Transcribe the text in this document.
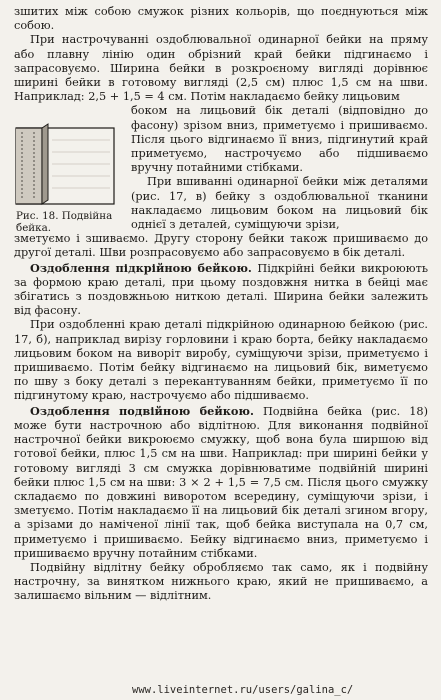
Рис. 18. Подвійна бейка.

зшитих між собою смужок різних кольорів, що поєднуються між собою.

При настрочуванні оздоблювальної одинарної бейки на пряму або плавну лінію один обрізний край бейки підгинаємо і запрасовуємо. Ширина бейки в розкроєному вигляді дорівнює ширині бейки в готовому вигляді (2,5 см) плюс 1,5 см на шви. Наприклад: 2,5 + 1,5 = 4 см. Потім накладаємо бейку лицьовим

боком на лицьовий бік деталі (відповідно до фасону) зрізом вниз, приметуємо і пришиваємо. Після цього відгинаємо її вниз, підгинутий край приметуємо, настрочуємо або підшиваємо вручну потайними стібками.

При вшиванні одинарної бейки між деталями (рис. 17, в) бейку з оздоблювальної тканини накладаємо лицьовим боком на лицьовий бік однієї з деталей, суміщуючи зрізи,

зметуємо і зшиваємо. Другу сторону бейки також пришиваємо до другої деталі. Шви розпрасовуємо або запрасовуємо в бік деталі.

Оздоблення підкрійною бейкою. Підкрійні бейки викроюють за формою краю деталі, при цьому поздовжня нитка в бейці має збігатись з поздовжньою ниткою деталі. Ширина бейки залежить від фасону.

При оздобленні краю деталі підкрійною одинарною бейкою (рис. 17, б), наприклад вирізу горловини і краю борта, бейку накладаємо лицьовим боком на виворіт виробу, суміщуючи зрізи, приметуємо і пришиваємо. Потім бейку відгинаємо на лицьовий бік, виметуємо по шву з боку деталі з перекантуванням бейки, приметуємо її по підгинутому краю, настрочуємо або підшиваємо.

Оздоблення подвійною бейкою. Подвійна бейка (рис. 18) може бути настрочною або відлітною. Для виконання подвійної настрочної бейки викроюємо смужку, щоб вона була ширшою від готової бейки, плюс 1,5 см на шви. Наприклад: при ширині бейки у готовому вигляді 3 см смужка дорівнюватиме подвійній ширині бейки плюс 1,5 см на шви: 3 × 2 + 1,5 = 7,5 см. Після цього смужку складаємо по довжині виворотом всередину, суміщуючи зрізи, і зметуємо. Потім накладаємо її на лицьовий бік деталі згином вгору, а зрізами до наміченої лінії так, щоб бейка виступала на 0,7 см, приметуємо і пришиваємо. Бейку відгинаємо вниз, приметуємо і пришиваємо вручну потайним стібками.

Подвійну відлітну бейку обробляємо так само, як і подвійну настрочну, за винятком нижнього краю, який не пришиваємо, а залишаємо вільним — відлітним.

www.liveinternet.ru/users/galina_c/
